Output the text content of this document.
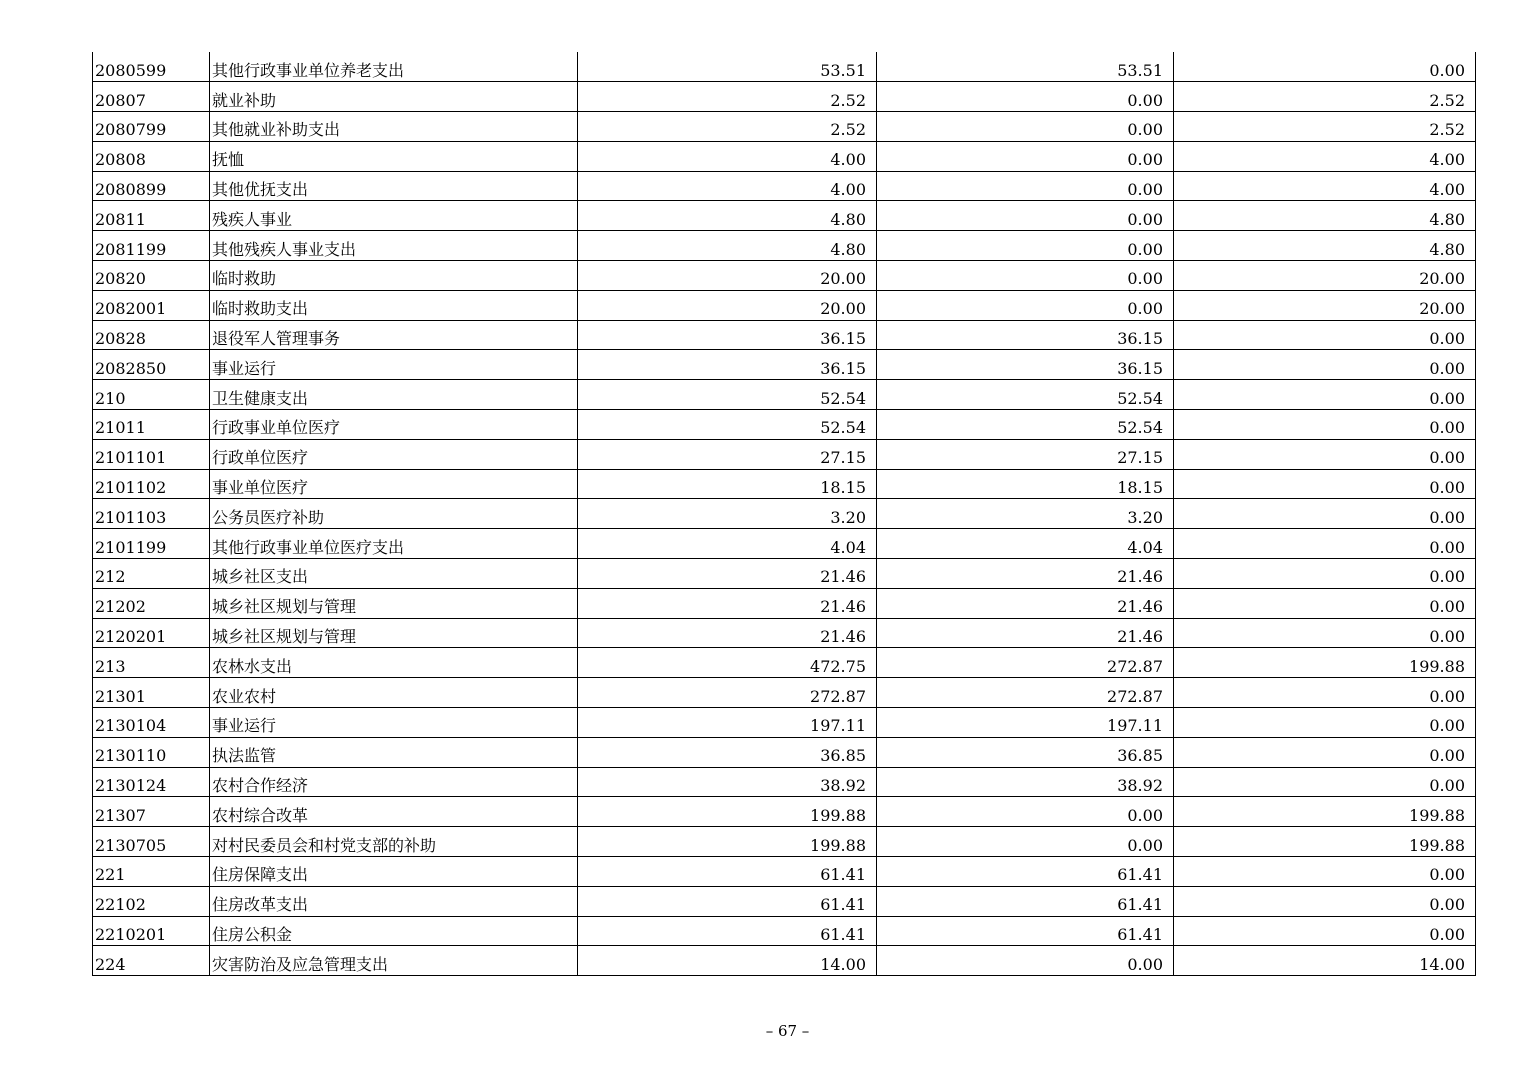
2080599	其他行政事业单位养老支出	53.51	53.51	0.00
20807	就业补助	2.52	0.00	2.52
2080799	其他就业补助支出	2.52	0.00	2.52
20808	抚恤	4.00	0.00	4.00
2080899	其他优抚支出	4.00	0.00	4.00
20811	残疾人事业	4.80	0.00	4.80
2081199	其他残疾人事业支出	4.80	0.00	4.80
20820	临时救助	20.00	0.00	20.00
2082001	临时救助支出	20.00	0.00	20.00
20828	退役军人管理事务	36.15	36.15	0.00
2082850	事业运行	36.15	36.15	0.00
210	卫生健康支出	52.54	52.54	0.00
21011	行政事业单位医疗	52.54	52.54	0.00
2101101	行政单位医疗	27.15	27.15	0.00
2101102	事业单位医疗	18.15	18.15	0.00
2101103	公务员医疗补助	3.20	3.20	0.00
2101199	其他行政事业单位医疗支出	4.04	4.04	0.00
212	城乡社区支出	21.46	21.46	0.00
21202	城乡社区规划与管理	21.46	21.46	0.00
2120201	城乡社区规划与管理	21.46	21.46	0.00
213	农林水支出	472.75	272.87	199.88
21301	农业农村	272.87	272.87	0.00
2130104	事业运行	197.11	197.11	0.00
2130110	执法监管	36.85	36.85	0.00
2130124	农村合作经济	38.92	38.92	0.00
21307	农村综合改革	199.88	0.00	199.88
2130705	对村民委员会和村党支部的补助	199.88	0.00	199.88
221	住房保障支出	61.41	61.41	0.00
22102	住房改革支出	61.41	61.41	0.00
2210201	住房公积金	61.41	61.41	0.00
224	灾害防治及应急管理支出	14.00	0.00	14.00
– 67 –
